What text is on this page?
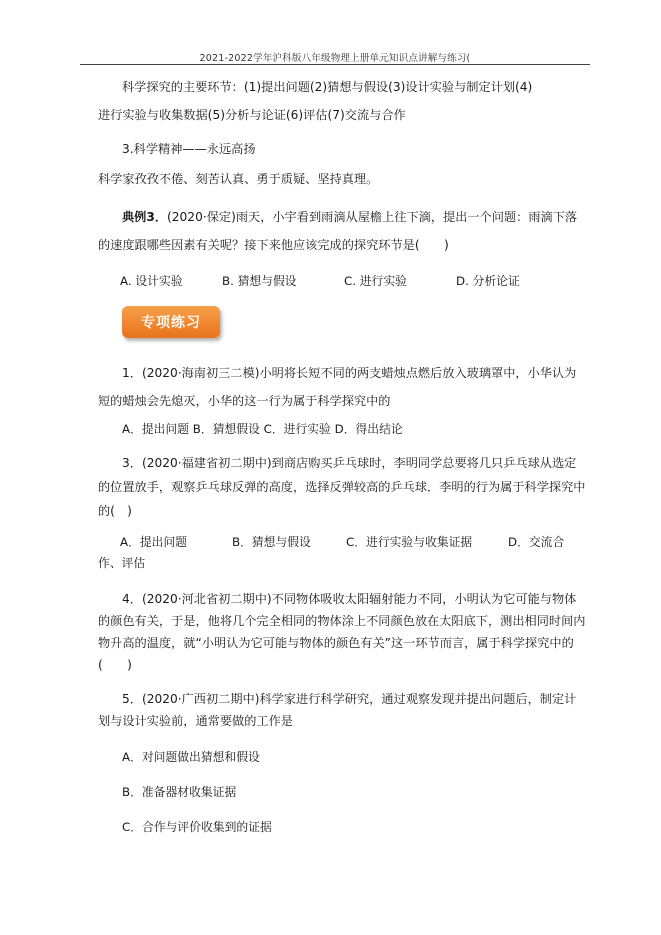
2021-2022学年沪科版八年级物理上册单元知识点讲解与练习(
科学探究的主要环节：(1)提出问题(2)猜想与假设(3)设计实验与制定计划(4)
进行实验与收集数据(5)分析与论证(6)评估(7)交流与合作
3.科学精神——永远高扬
科学家孜孜不倦、刻苦认真、勇于质疑、坚持真理。
典例3．(2020·保定)雨天，小宇看到雨滴从屋檐上往下滴，提出一个问题：雨滴下落
的速度跟哪些因素有关呢？接下来他应该完成的探究环节是(　　)
A. 设计实验	B. 猜想与假设	C. 进行实验	D. 分析论证
专项练习
1．(2020·海南初三二模)小明将长短不同的两支蜡烛点燃后放入玻璃罩中，小华认为
短的蜡烛会先熄灭，小华的这一行为属于科学探究中的
A．提出问题 B．猜想假设 C．进行实验 D．得出结论
3．(2020·福建省初二期中)到商店购买乒乓球时，李明同学总要将几只乒乓球从选定
的位置放手，观察乒乓球反弹的高度，选择反弹较高的乒乓球．李明的行为属于科学探究中
的(　)
A．提出问题	B．猜想与假设	C．进行实验与收集证据	D．交流合
作、评估
4．(2020·河北省初二期中)不同物体吸收太阳辐射能力不同，小明认为它可能与物体
的颜色有关，于是，他将几个完全相同的物体涂上不同颜色放在太阳底下，测出相同时间内
物升高的温度，就“小明认为它可能与物体的颜色有关”这一环节而言，属于科学探究中的
(　　)
5．(2020·广西初二期中)科学家进行科学研究，通过观察发现并提出问题后，制定计
划与设计实验前，通常要做的工作是
A．对问题做出猜想和假设
B．准备器材收集证据
C．合作与评价收集到的证据
